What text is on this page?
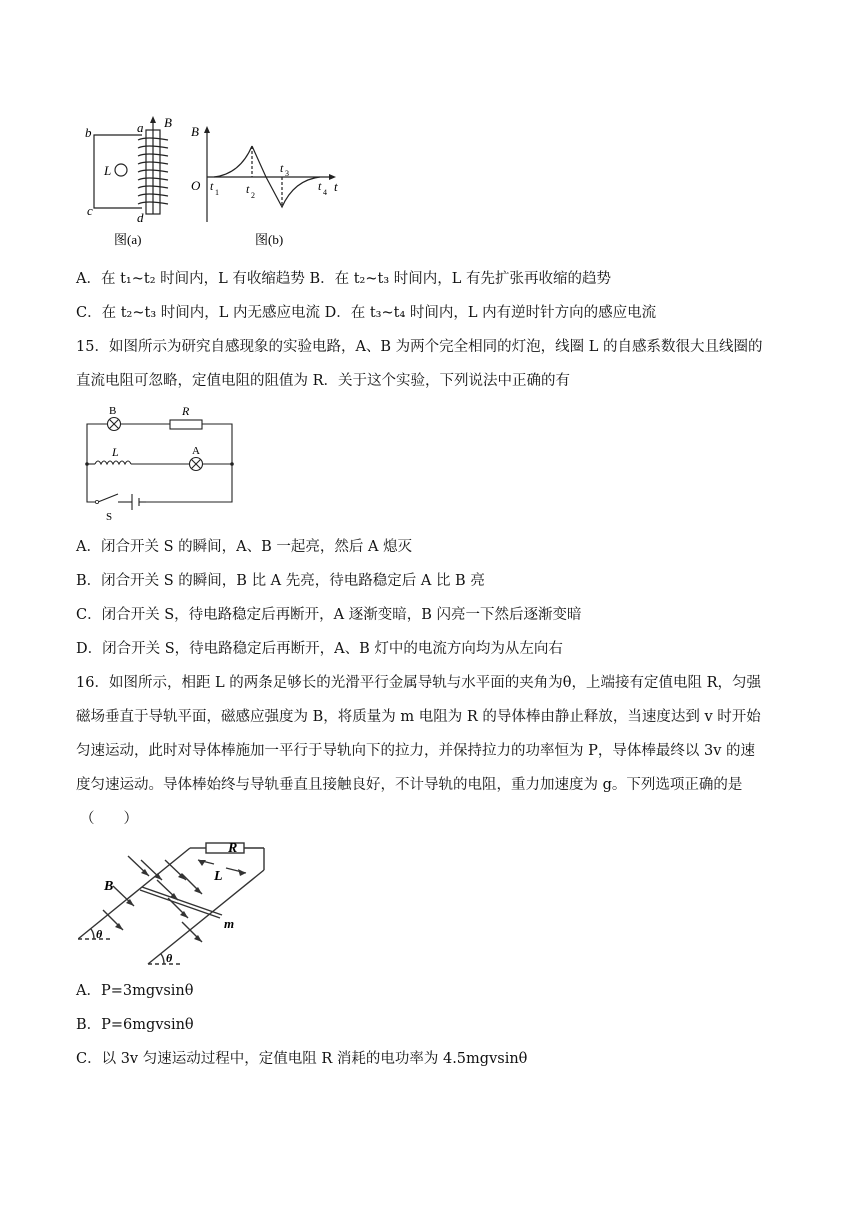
b	a B
L
c	d
图(a)
B
O t 1 t 2
t 3
t 4 t
图(b)
A．在 t₁~t₂ 时间内，L 有收缩趋势 B．在 t₂~t₃ 时间内，L 有先扩张再收缩的趋势
C．在 t₂~t₃ 时间内，L 内无感应电流 D．在 t₃~t₄ 时间内，L 内有逆时针方向的感应电流
15．如图所示为研究自感现象的实验电路，A、B 为两个完全相同的灯泡，线圈 L 的自感系数很大且线圈的
直流电阻可忽略，定值电阻的阻值为 R．关于这个实验，下列说法中正确的有
B	R
L	A
S
A．闭合开关 S 的瞬间，A、B 一起亮，然后 A 熄灭
B．闭合开关 S 的瞬间，B 比 A 先亮，待电路稳定后 A 比 B 亮
C．闭合开关 S，待电路稳定后再断开，A 逐渐变暗，B 闪亮一下然后逐渐变暗
D．闭合开关 S，待电路稳定后再断开，A、B 灯中的电流方向均为从左向右
16．如图所示，相距 L 的两条足够长的光滑平行金属导轨与水平面的夹角为θ，上端接有定值电阻 R，匀强
磁场垂直于导轨平面，磁感应强度为 B，将质量为 m 电阻为 R 的导体棒由静止释放，当速度达到 v 时开始
匀速运动，此时对导体棒施加一平行于导轨向下的拉力，并保持拉力的功率恒为 P，导体棒最终以 3v 的速
度匀速运动。导体棒始终与导轨垂直且接触良好，不计导轨的电阻，重力加速度为 g。下列选项正确的是
（　　）
R
L
B
m
θ
θ
A．P=3mgvsinθ
B．P=6mgvsinθ
C．以 3v 匀速运动过程中，定值电阻 R 消耗的电功率为 4.5mgvsinθ
